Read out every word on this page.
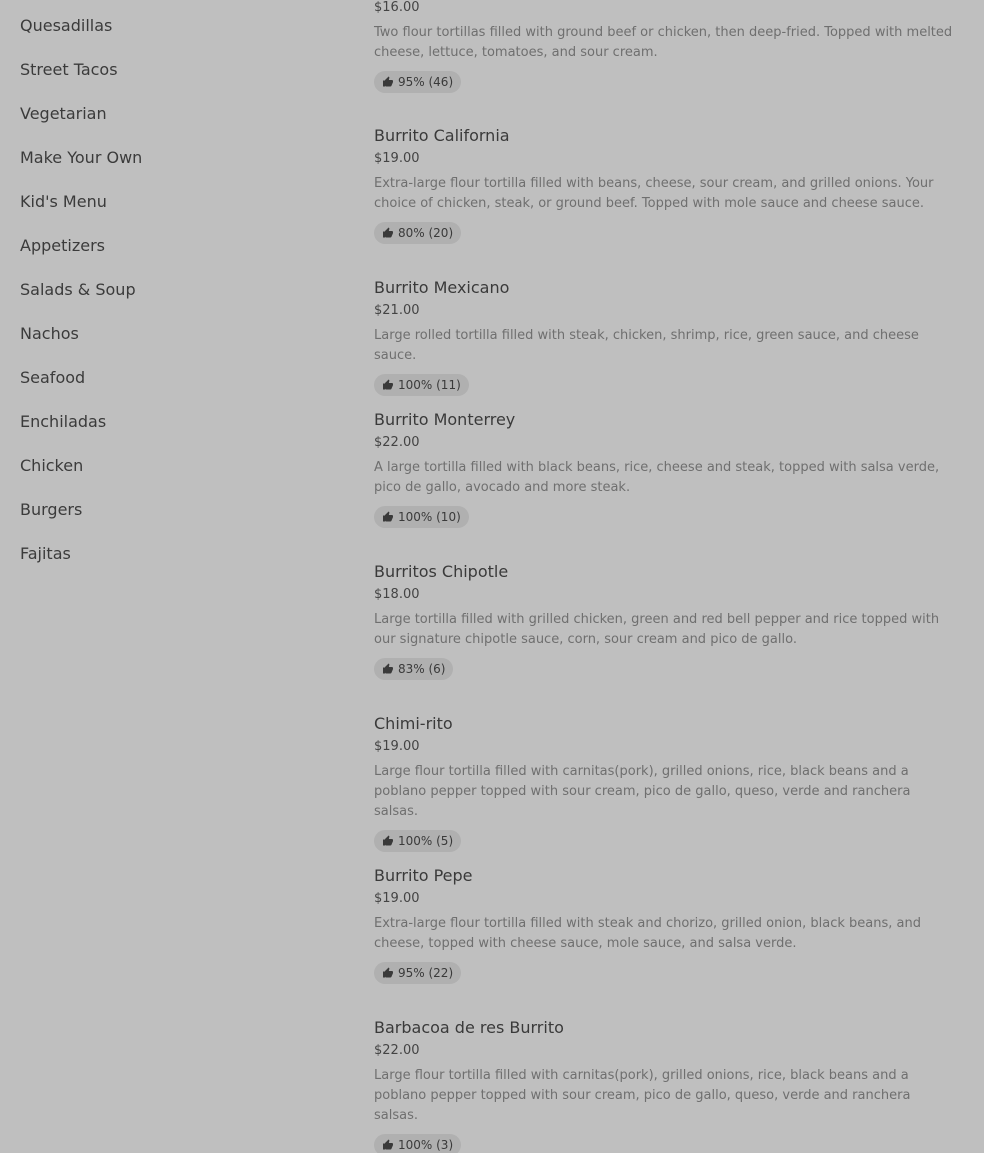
Quesadillas
Street Tacos
Vegetarian
Make Your Own
Kid's Menu
Appetizers
Salads & Soup
Nachos
Seafood
Enchiladas
Chicken
Burgers
Fajitas
$16.00
Two flour tortillas filled with ground beef or chicken, then deep-fried. Topped with melted cheese, lettuce, tomatoes, and sour cream.
95% (46)
Burrito California
$19.00
Extra-large flour tortilla filled with beans, cheese, sour cream, and grilled onions. Your choice of chicken, steak, or ground beef. Topped with mole sauce and cheese sauce.
80% (20)
Burrito Mexicano
$21.00
Large rolled tortilla filled with steak, chicken, shrimp, rice, green sauce, and cheese sauce.
100% (11)
Burrito Monterrey
$22.00
A large tortilla filled with black beans, rice, cheese and steak, topped with salsa verde, pico de gallo, avocado and more steak.
100% (10)
Burritos Chipotle
$18.00
Large tortilla filled with grilled chicken, green and red bell pepper and rice topped with our signature chipotle sauce, corn, sour cream and pico de gallo.
83% (6)
Chimi-rito
$19.00
Large flour tortilla filled with carnitas(pork), grilled onions, rice, black beans and a poblano pepper topped with sour cream, pico de gallo, queso, verde and ranchera salsas.
100% (5)
Burrito Pepe
$19.00
Extra-large flour tortilla filled with steak and chorizo, grilled onion, black beans, and cheese, topped with cheese sauce, mole sauce, and salsa verde.
95% (22)
Barbacoa de res Burrito
$22.00
Large flour tortilla filled with carnitas(pork), grilled onions, rice, black beans and a poblano pepper topped with sour cream, pico de gallo, queso, verde and ranchera salsas.
100% (3)
